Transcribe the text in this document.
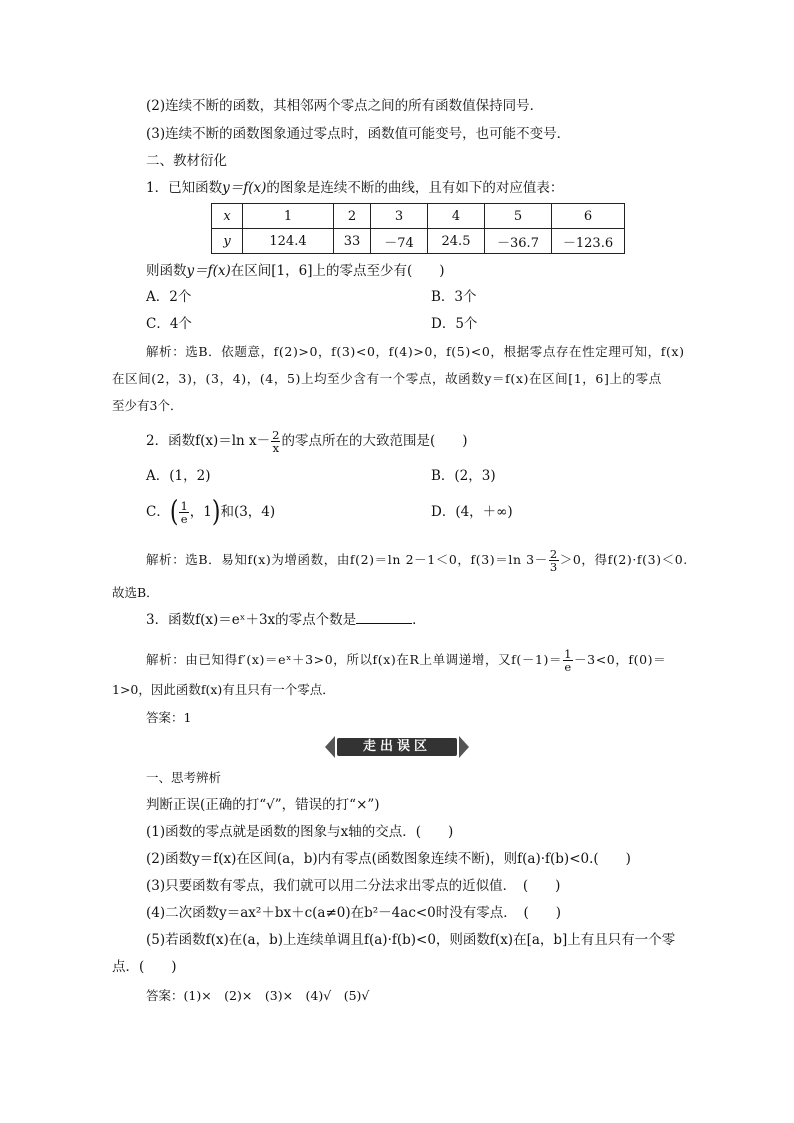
(2)连续不断的函数，其相邻两个零点之间的所有函数值保持同号．
(3)连续不断的函数图象通过零点时，函数值可能变号，也可能不变号．
二、教材衍化
1．已知函数y＝f(x)的图象是连续不断的曲线，且有如下的对应值表：
x	1	2	3	4	5	6
y	124.4	33	－74	24.5	－36.7	－123.6
则函数y＝f(x)在区间[1，6]上的零点至少有(　　)
A．2个	B．3个
C．4个	D．5个
解析：选B．依题意，f(2)>0，f(3)<0，f(4)>0，f(5)<0，根据零点存在性定理可知，f(x)
在区间(2，3)，(3，4)，(4，5)上均至少含有一个零点，故函数y＝f(x)在区间[1，6]上的零点
至少有3个．
2．函数f(x)＝ln $x- \frac{2}{x}$ 的零点所在的大致范围是(　　)
A．(1，2)	B．(2，3)
C．( $\frac{1}{e}$ ，1)和(3，4)	D．(4，＋∞)
解析：选B．易知f(x)为增函数，由f(2)＝ln 2－1＜0，f(3)＝ln $3- \frac{2}{3} >0$，得f(2)·f(3)＜0.
故选B．
3．函数f(x)＝eˣ＋3x的零点个数是	．
解析：由已知得f′(x)＝eˣ＋3>0，所以f(x)在R上单调递增，又$f(-1)= \frac{1}{e} -3<0$，f(0)＝
1>0，因此函数f(x)有且只有一个零点．
答案：1
走出误区
一、思考辨析
判断正误(正确的打“√”，错误的打“×”)
(1)函数的零点就是函数的图象与x轴的交点．(　　)
(2)函数y＝f(x)在区间(a，b)内有零点(函数图象连续不断)，则f(a)·f(b)<0.(　　)
(3)只要函数有零点，我们就可以用二分法求出零点的近似值．　(　　)
(4)二次函数y＝ax²＋bx＋c(a≠0)在b²－4ac<0时没有零点．　(　　)
(5)若函数f(x)在(a，b)上连续单调且f(a)·f(b)<0，则函数f(x)在[a，b]上有且只有一个零
点．(　　)
答案：(1)×　(2)×　(3)×　(4)√　(5)√
